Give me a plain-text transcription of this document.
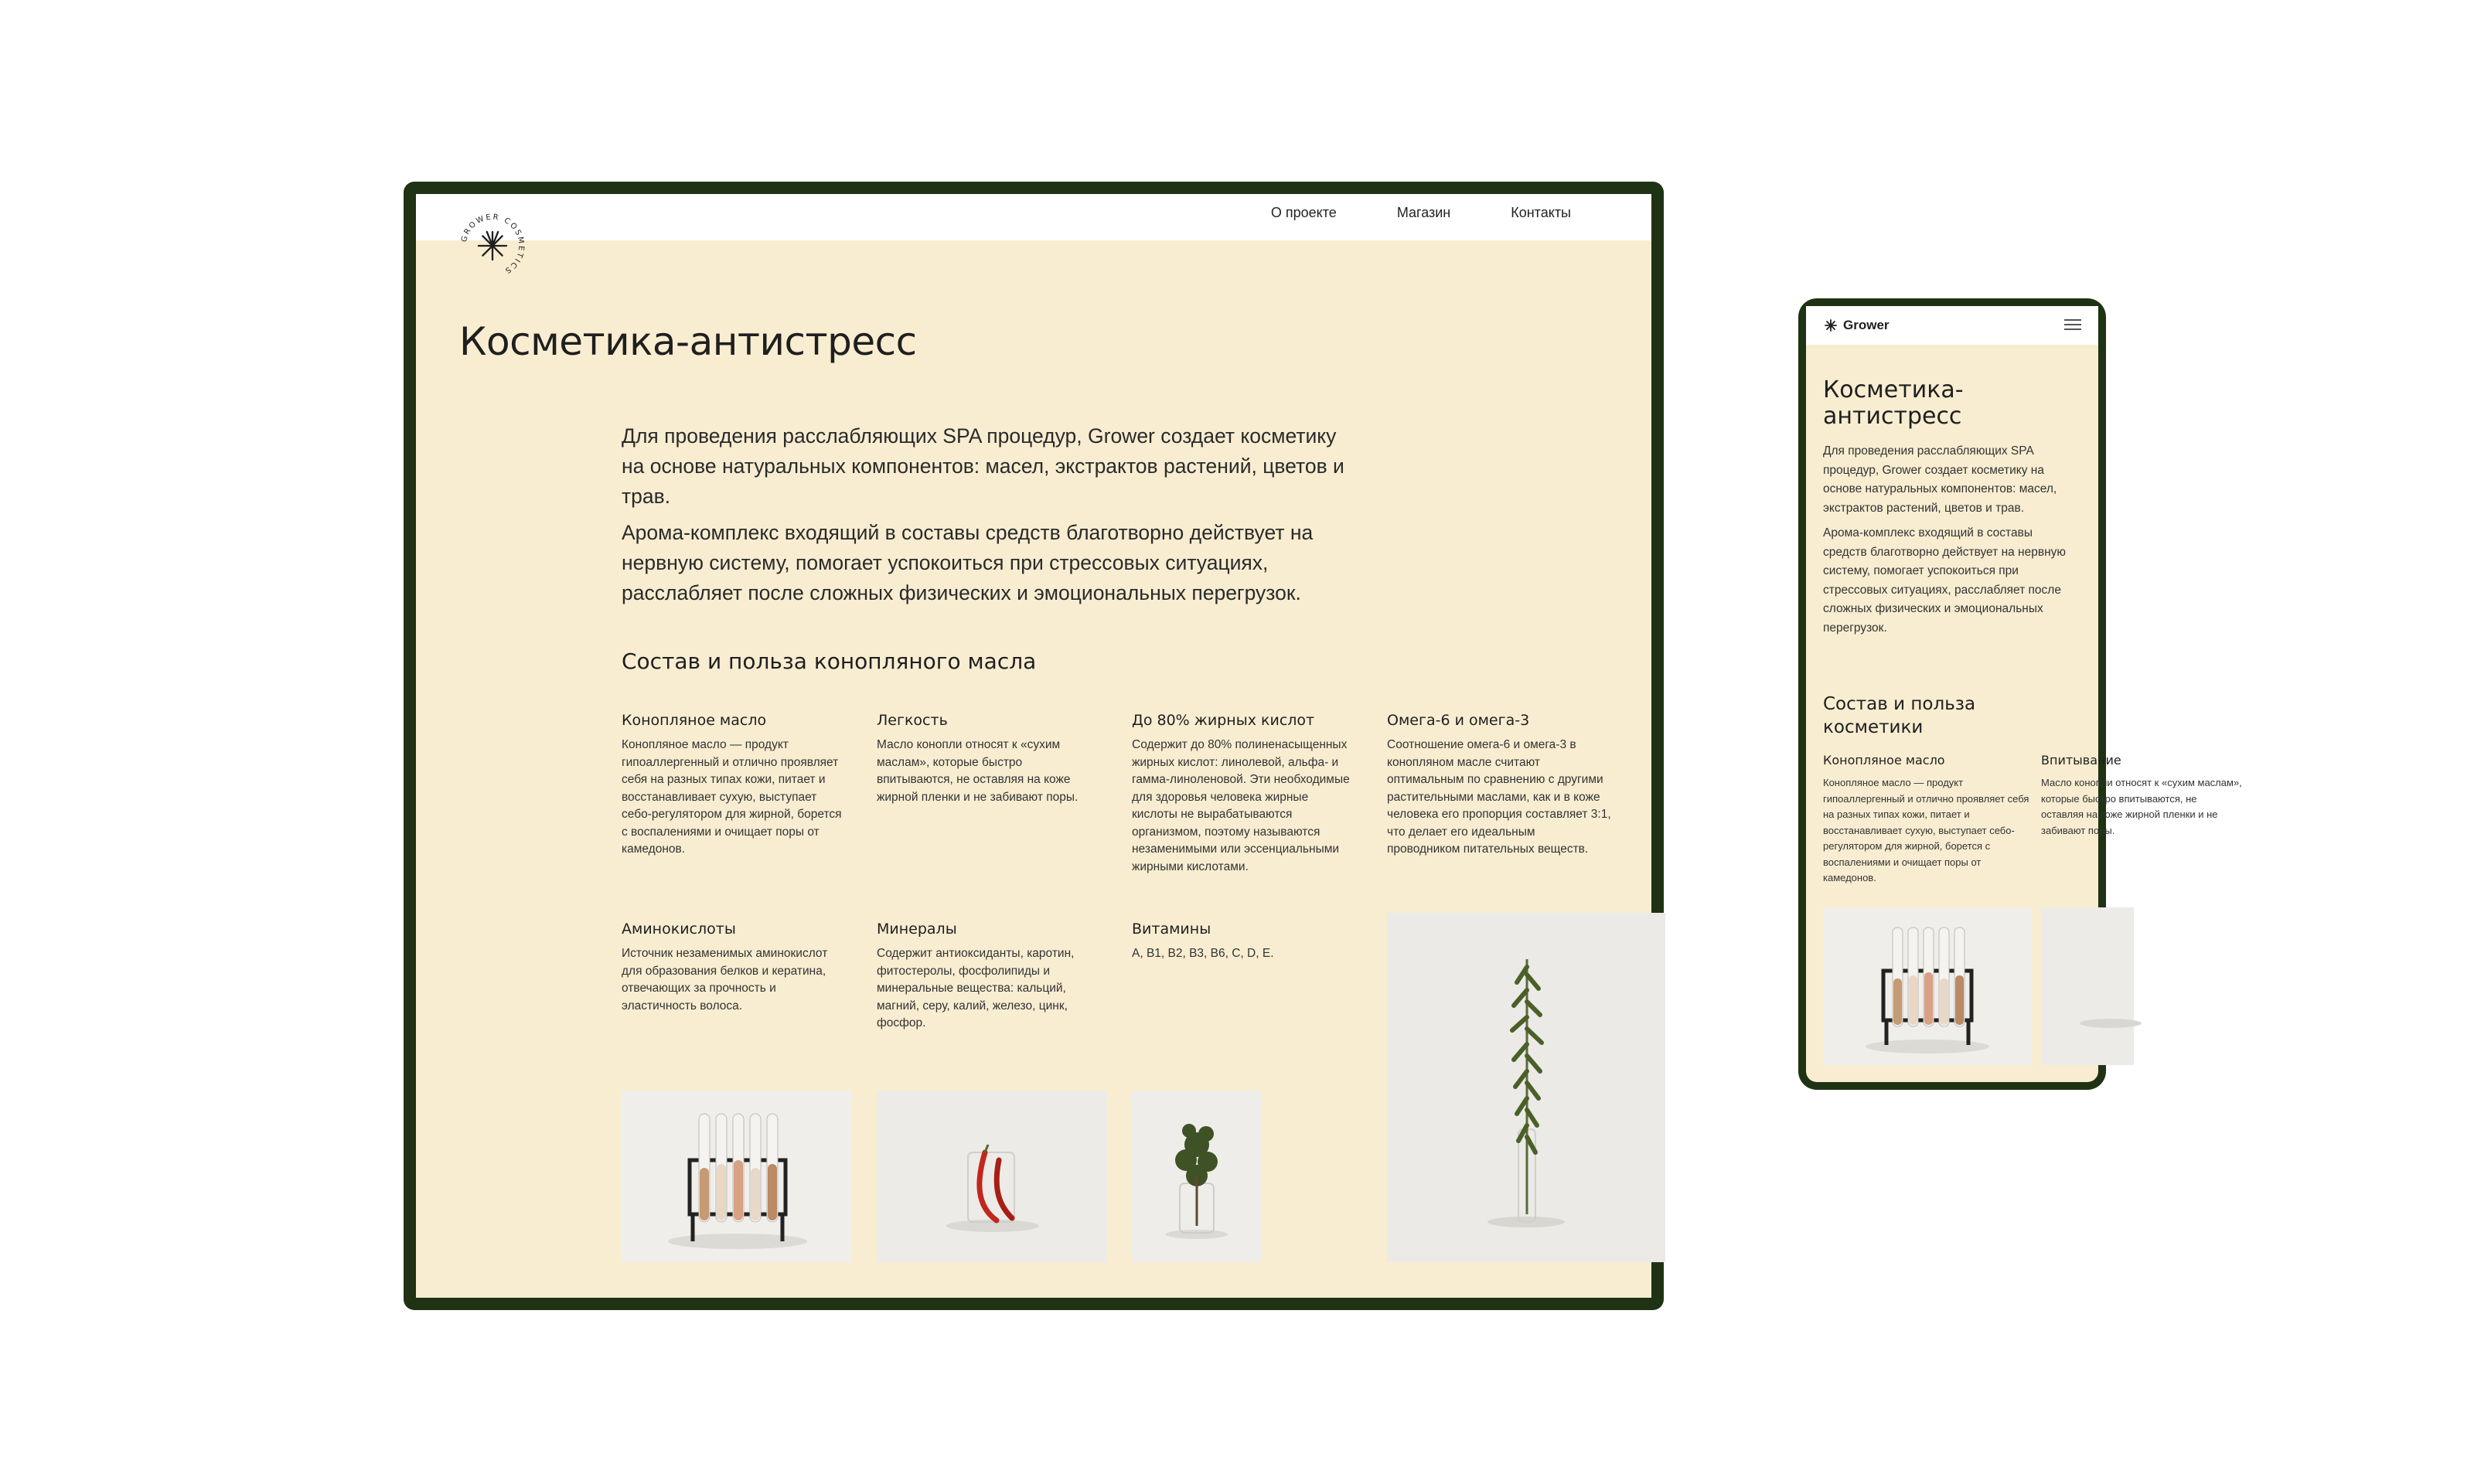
О проекте	Магазин	Контакты
GROWER COSMETICS
Косметика-антистресс

Для проведения расслабляющих SPA процедур, Grower создает косметику на основе натуральных компонентов: масел, экстрактов растений, цветов и трав.

Арома-комплекс входящий в составы средств благотворно действует на нервную систему, помогает успокоиться при стрессовых ситуациях, расслабляет после сложных физических и эмоциональных перегрузок.

Состав и польза конопляного масла
Конопляное масло

Конопляное масло — продукт гипоаллергенный и отлично проявляет себя на разных типах кожи, питает и восстанавливает сухую, выступает себо-регулятором для жирной, борется с воспалениями и очищает поры от камедонов.

Легкость

Масло конопли относят к «сухим маслам», которые быстро впитываются, не оставляя на коже жирной пленки и не забивают поры.

До 80% жирных кислот

Содержит до 80% полиненасыщенных жирных кислот: линолевой, альфа- и гамма-линоленовой. Эти необходимые для здоровья человека жирные кислоты не вырабатываются организмом, поэтому называются незаменимыми или эссенциальными жирными кислотами.

Омега-6 и омега-3

Соотношение омега-6 и омега-3 в конопляном масле считают оптимальным по сравнению с другими растительными маслами, как и в коже человека его пропорция составляет 3:1, что делает его идеальным проводником питательных веществ.

Аминокислоты

Источник незаменимых аминокислот для образования белков и кератина, отвечающих за прочность и эластичность волоса.

Минералы

Содержит антиоксиданты, каротин, фитостеролы, фосфолипиды и минеральные вещества: кальций, магний, серу, калий, железо, цинк, фосфор.

Витамины

A, B1, B2, B3, B6, C, D, E.

Grower
Косметика-антистресс

Для проведения расслабляющих SPA процедур, Grower создает косметику на основе натуральных компонентов: масел, экстрактов растений, цветов и трав.

Арома-комплекс входящий в составы средств благотворно действует на нервную систему, помогает успокоиться при стрессовых ситуациях, расслабляет после сложных физических и эмоциональных перегрузок.

Состав и польза косметики
Конопляное масло

Конопляное масло — продукт гипоаллергенный и отлично проявляет себя на разных типах кожи, питает и восстанавливает сухую, выступает себо-регулятором для жирной, борется с воспалениями и очищает поры от камедонов.

Впитывание

Масло конопли относят к «сухим маслам», которые быстро впитываются, не оставляя на коже жирной пленки и не забивают поры.
